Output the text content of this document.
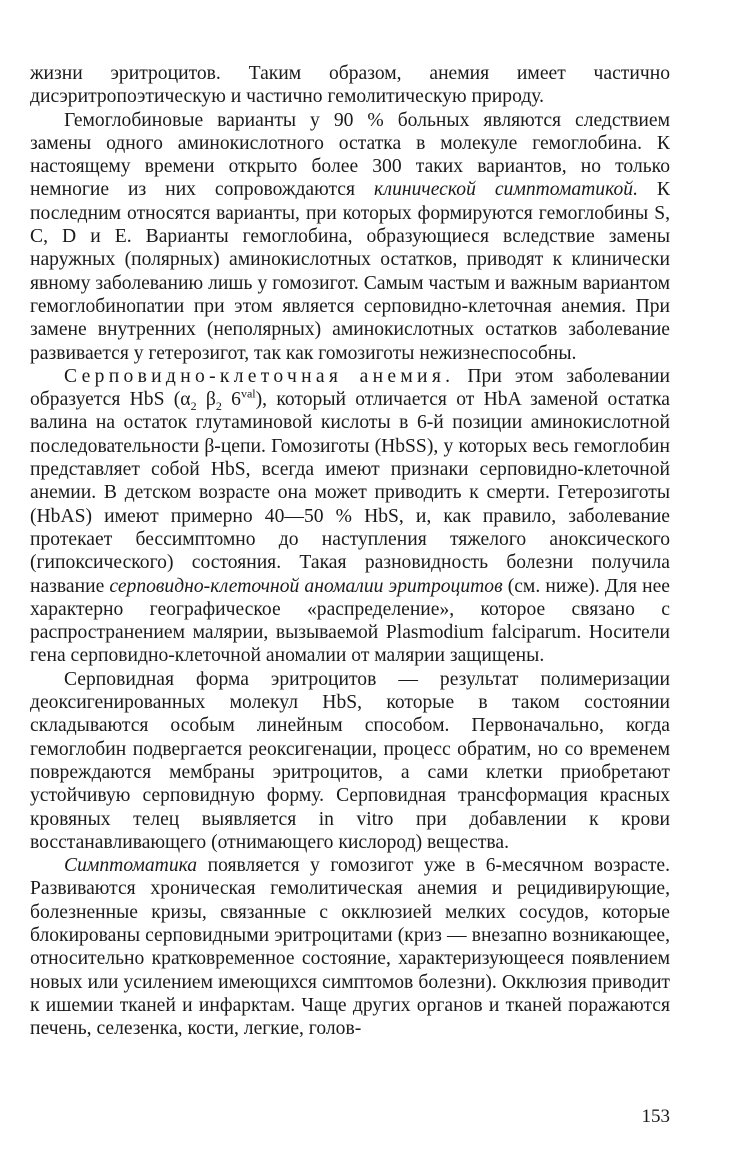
жизни эритроцитов. Таким образом, анемия имеет частично дисэритропоэтическую и частично гемолитическую природу.

Гемоглобиновые варианты у 90 % больных являются следствием замены одного аминокислотного остатка в молекуле гемоглобина. К настоящему времени открыто более 300 таких вариантов, но только немногие из них сопровождаются клинической симптоматикой. К последним относятся варианты, при которых формируются гемоглобины S, C, D и E. Варианты гемоглобина, образующиеся вследствие замены наружных (полярных) аминокислотных остатков, приводят к клинически явному заболеванию лишь у гомозигот. Самым частым и важным вариантом гемоглобинопатии при этом является серповидно-клеточная анемия. При замене внутренних (неполярных) аминокислотных остатков заболевание развивается у гетерозигот, так как гомозиготы нежизнеспособны.

Серповидно-клеточная анемия. При этом заболевании образуется HbS ($\alpha_2$ $\beta_2$ $6^{val}$), который отличается от HbA заменой остатка валина на остаток глутаминовой кислоты в 6-й позиции аминокислотной последовательности β-цепи. Гомозиготы (HbSS), у которых весь гемоглобин представляет собой HbS, всегда имеют признаки серповидно-клеточной анемии. В детском возрасте она может приводить к смерти. Гетерозиготы (HbAS) имеют примерно 40—50 % HbS, и, как правило, заболевание протекает бессимптомно до наступления тяжелого аноксического (гипоксического) состояния. Такая разновидность болезни получила название серповидно-клеточной аномалии эритроцитов (см. ниже). Для нее характерно географическое «распределение», которое связано с распространением малярии, вызываемой Plasmodium falciparum. Носители гена серповидно-клеточной аномалии от малярии защищены.

Серповидная форма эритроцитов — результат полимеризации деоксигенированных молекул HbS, которые в таком состоянии складываются особым линейным способом. Первоначально, когда гемоглобин подвергается реоксигенации, процесс обратим, но со временем повреждаются мембраны эритроцитов, а сами клетки приобретают устойчивую серповидную форму. Серповидная трансформация красных кровяных телец выявляется in vitro при добавлении к крови восстанавливающего (отнимающего кислород) вещества.

Симптоматика появляется у гомозигот уже в 6-месячном возрасте. Развиваются хроническая гемолитическая анемия и рецидивирующие, болезненные кризы, связанные с окклюзией мелких сосудов, которые блокированы серповидными эритроцитами (криз — внезапно возникающее, относительно кратковременное состояние, характеризующееся появлением новых или усилением имеющихся симптомов болезни). Окклюзия приводит к ишемии тканей и инфарктам. Чаще других органов и тканей поражаются печень, селезенка, кости, легкие, голов-

153
